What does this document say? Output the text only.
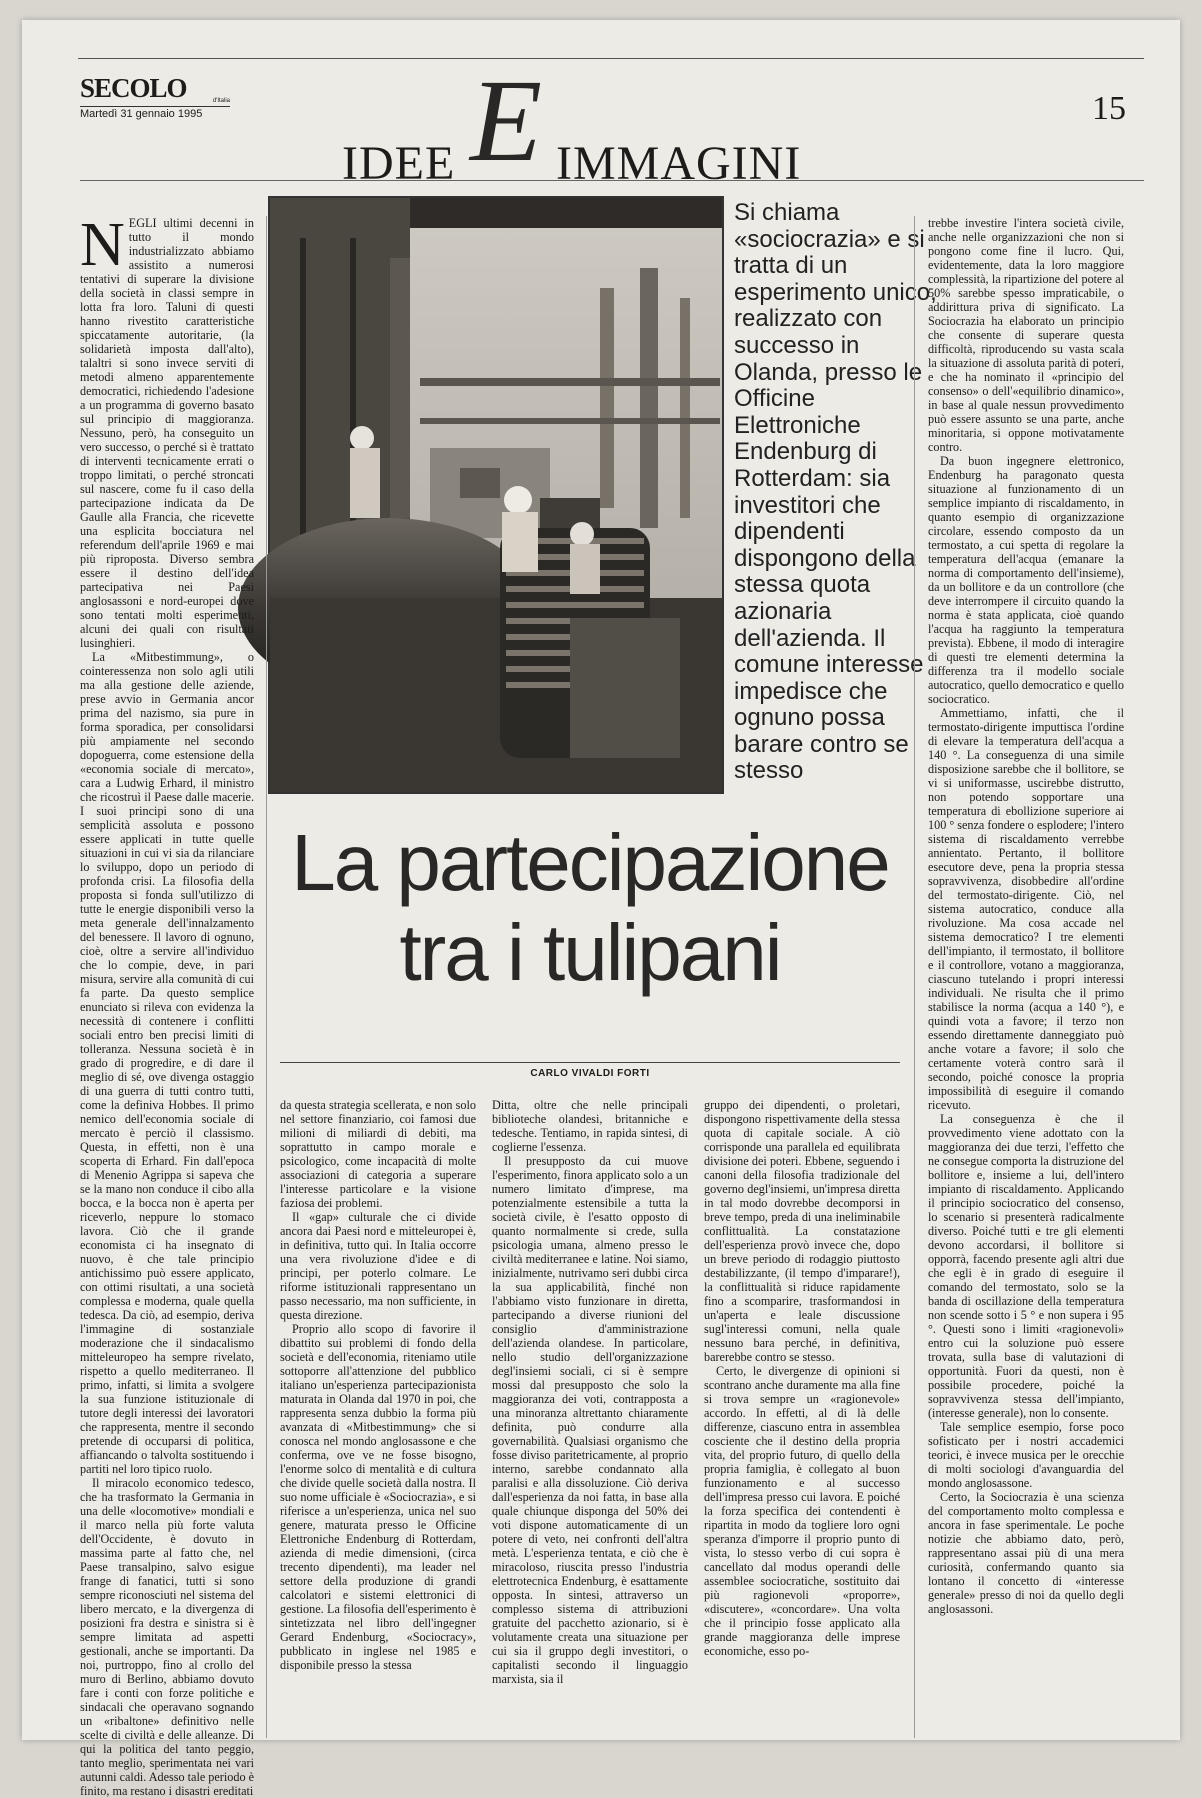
SECOLO	d'Italia
Martedì 31 gennaio 1995
IDEE E IMMAGINI
15
Si chiama «sociocrazia» e si tratta di un esperimento unico, realizzato con successo in Olanda, presso le Officine Elettroniche Endenburg di Rotterdam: sia investitori che dipendenti dispongono della stessa quota azionaria dell'azienda. Il comune interesse impedisce che ognuno possa barare contro se stesso
La partecipazione
tra i tulipani
CARLO VIVALDI FORTI

NEGLI ultimi decenni in tutto il mondo industrializzato abbiamo assistito a numerosi tentativi di superare la divisione della società in classi sempre in lotta fra loro. Taluni di questi hanno rivestito caratteristiche spiccatamente autoritarie, (la solidarietà imposta dall'alto), talaltri si sono invece serviti di metodi almeno apparentemente democratici, richiedendo l'adesione a un programma di governo basato sul principio di maggioranza. Nessuno, però, ha conseguito un vero successo, o perché si è trattato di interventi tecnicamente errati o troppo limitati, o perché stroncati sul nascere, come fu il caso della partecipazione indicata da De Gaulle alla Francia, che ricevette una esplicita bocciatura nel referendum dell'aprile 1969 e mai più riproposta. Diverso sembra essere il destino dell'idea partecipativa nei Paesi anglosassoni e nord-europei dove sono tentati molti esperimenti, alcuni dei quali con risultati lusinghieri.

La «Mitbestimmung», o cointeressenza non solo agli utili ma alla gestione delle aziende, prese avvio in Germania ancor prima del nazismo, sia pure in forma sporadica, per consolidarsi più ampiamente nel secondo dopoguerra, come estensione della «economia sociale di mercato», cara a Ludwig Erhard, il ministro che ricostruì il Paese dalle macerie. I suoi principi sono di una semplicità assoluta e possono essere applicati in tutte quelle situazioni in cui vi sia da rilanciare lo sviluppo, dopo un periodo di profonda crisi. La filosofia della proposta si fonda sull'utilizzo di tutte le energie disponibili verso la meta generale dell'innalzamento del benessere. Il lavoro di ognuno, cioè, oltre a servire all'individuo che lo compie, deve, in pari misura, servire alla comunità di cui fa parte. Da questo semplice enunciato si rileva con evidenza la necessità di contenere i conflitti sociali entro ben precisi limiti di tolleranza. Nessuna società è in grado di progredire, e di dare il meglio di sé, ove divenga ostaggio di una guerra di tutti contro tutti, come la definiva Hobbes. Il primo nemico dell'economia sociale di mercato è perciò il classismo. Questa, in effetti, non è una scoperta di Erhard. Fin dall'epoca di Menenio Agrippa si sapeva che se la mano non conduce il cibo alla bocca, e la bocca non è aperta per riceverlo, neppure lo stomaco lavora. Ciò che il grande economista ci ha insegnato di nuovo, è che tale principio antichissimo può essere applicato, con ottimi risultati, a una società complessa e moderna, quale quella tedesca. Da ciò, ad esempio, deriva l'immagine di sostanziale moderazione che il sindacalismo mitteleuropeo ha sempre rivelato, rispetto a quello mediterraneo. Il primo, infatti, si limita a svolgere la sua funzione istituzionale di tutore degli interessi dei lavoratori che rappresenta, mentre il secondo pretende di occuparsi di politica, affiancando o talvolta sostituendo i partiti nel loro tipico ruolo.

Il miracolo economico tedesco, che ha trasformato la Germania in una delle «locomotive» mondiali e il marco nella più forte valuta dell'Occidente, è dovuto in massima parte al fatto che, nel Paese transalpino, salvo esigue frange di fanatici, tutti si sono sempre riconosciuti nel sistema del libero mercato, e la divergenza di posizioni fra destra e sinistra si è sempre limitata ad aspetti gestionali, anche se importanti. Da noi, purtroppo, fino al crollo del muro di Berlino, abbiamo dovuto fare i conti con forze politiche e sindacali che operavano sognando un «ribaltone» definitivo nelle scelte di civiltà e delle alleanze. Di qui la politica del tanto peggio, tanto meglio, sperimentata nei vari autunni caldi. Adesso tale periodo è finito, ma restano i disastri ereditati

da questa strategia scellerata, e non solo nel settore finanziario, coi famosi due milioni di miliardi di debiti, ma soprattutto in campo morale e psicologico, come incapacità di molte associazioni di categoria a superare l'interesse particolare e la visione faziosa dei problemi.

Il «gap» culturale che ci divide ancora dai Paesi nord e mitteleuropei è, in definitiva, tutto qui. In Italia occorre una vera rivoluzione d'idee e di principi, per poterlo colmare. Le riforme istituzionali rappresentano un passo necessario, ma non sufficiente, in questa direzione.

Proprio allo scopo di favorire il dibattito sui problemi di fondo della società e dell'economia, riteniamo utile sottoporre all'attenzione del pubblico italiano un'esperienza partecipazionista maturata in Olanda dal 1970 in poi, che rappresenta senza dubbio la forma più avanzata di «Mitbestimmung» che si conosca nel mondo anglosassone e che conferma, ove ve ne fosse bisogno, l'enorme solco di mentalità e di cultura che divide quelle società dalla nostra. Il suo nome ufficiale è «Sociocrazia», e si riferisce a un'esperienza, unica nel suo genere, maturata presso le Officine Elettroniche Endenburg di Rotterdam, azienda di medie dimensioni, (circa trecento dipendenti), ma leader nel settore della produzione di grandi calcolatori e sistemi elettronici di gestione. La filosofia dell'esperimento è sintetizzata nel libro dell'ingegner Gerard Endenburg, «Sociocracy», pubblicato in inglese nel 1985 e disponibile presso la stessa

Ditta, oltre che nelle principali biblioteche olandesi, britanniche e tedesche. Tentiamo, in rapida sintesi, di coglierne l'essenza.

Il presupposto da cui muove l'esperimento, finora applicato solo a un numero limitato d'imprese, ma potenzialmente estensibile a tutta la società civile, è l'esatto opposto di quanto normalmente si crede, sulla psicologia umana, almeno presso le civiltà mediterranee e latine. Noi siamo, inizialmente, nutrivamo seri dubbi circa la sua applicabilità, finché non l'abbiamo visto funzionare in diretta, partecipando a diverse riunioni del consiglio d'amministrazione dell'azienda olandese. In particolare, nello studio dell'organizzazione degl'insiemi sociali, ci si è sempre mossi dal presupposto che solo la maggioranza dei voti, contrapposta a una minoranza altrettanto chiaramente definita, può condurre alla governabilità. Qualsiasi organismo che fosse diviso paritetricamente, al proprio interno, sarebbe condannato alla paralisi e alla dissoluzione. Ciò deriva dall'esperienza da noi fatta, in base alla quale chiunque disponga del 50% dei voti dispone automaticamente di un potere di veto, nei confronti dell'altra metà. L'esperienza tentata, e ciò che è miracoloso, riuscita presso l'industria elettrotecnica Endenburg, è esattamente opposta. In sintesi, attraverso un complesso sistema di attribuzioni gratuite del pacchetto azionario, si è volutamente creata una situazione per cui sia il gruppo degli investitori, o capitalisti secondo il linguaggio marxista, sia il

gruppo dei dipendenti, o proletari, dispongono rispettivamente della stessa quota di capitale sociale. A ciò corrisponde una parallela ed equilibrata divisione dei poteri. Ebbene, seguendo i canoni della filosofia tradizionale del governo degl'insiemi, un'impresa diretta in tal modo dovrebbe decomporsi in breve tempo, preda di una ineliminabile conflittualità. La constatazione dell'esperienza provò invece che, dopo un breve periodo di rodaggio piuttosto destabilizzante, (il tempo d'imparare!), la conflittualità si riduce rapidamente fino a scomparire, trasformandosi in un'aperta e leale discussione sugl'interessi comuni, nella quale nessuno bara perché, in definitiva, barerebbe contro se stesso.

Certo, le divergenze di opinioni si scontrano anche duramente ma alla fine si trova sempre un «ragionevole» accordo. In effetti, al di là delle differenze, ciascuno entra in assemblea cosciente che il destino della propria vita, del proprio futuro, di quello della propria famiglia, è collegato al buon funzionamento e al successo dell'impresa presso cui lavora. E poiché la forza specifica dei contendenti è ripartita in modo da togliere loro ogni speranza d'imporre il proprio punto di vista, lo stesso verbo di cui sopra è cancellato dal modus operandi delle assemblee sociocratiche, sostituito dai più ragionevoli «proporre», «discutere», «concordare». Una volta che il principio fosse applicato alla grande maggioranza delle imprese economiche, esso po-

trebbe investire l'intera società civile, anche nelle organizzazioni che non si pongono come fine il lucro. Qui, evidentemente, data la loro maggiore complessità, la ripartizione del potere al 50% sarebbe spesso impraticabile, o addirittura priva di significato. La Sociocrazia ha elaborato un principio che consente di superare questa difficoltà, riproducendo su vasta scala la situazione di assoluta parità di poteri, e che ha nominato il «principio del consenso» o dell'«equilibrio dinamico», in base al quale nessun provvedimento può essere assunto se una parte, anche minoritaria, si oppone motivatamente contro.

Da buon ingegnere elettronico, Endenburg ha paragonato questa situazione al funzionamento di un semplice impianto di riscaldamento, in quanto esempio di organizzazione circolare, essendo composto da un termostato, a cui spetta di regolare la temperatura dell'acqua (emanare la norma di comportamento dell'insieme), da un bollitore e da un controllore (che deve interrompere il circuito quando la norma è stata applicata, cioè quando l'acqua ha raggiunto la temperatura prevista). Ebbene, il modo di interagire di questi tre elementi determina la differenza tra il modello sociale autocratico, quello democratico e quello sociocratico.

Ammettiamo, infatti, che il termostato-dirigente imputtisca l'ordine di elevare la temperatura dell'acqua a 140 °. La conseguenza di una simile disposizione sarebbe che il bollitore, se vi si uniformasse, uscirebbe distrutto, non potendo sopportare una temperatura di ebollizione superiore ai 100 ° senza fondere o esplodere; l'intero sistema di riscaldamento verrebbe annientato. Pertanto, il bollitore esecutore deve, pena la propria stessa sopravvivenza, disobbedire all'ordine del termostato-dirigente. Ciò, nel sistema autocratico, conduce alla rivoluzione. Ma cosa accade nel sistema democratico? I tre elementi dell'impianto, il termostato, il bollitore e il controllore, votano a maggioranza, ciascuno tutelando i propri interessi individuali. Ne risulta che il primo stabilisce la norma (acqua a 140 °), e quindi vota a favore; il terzo non essendo direttamente danneggiato può anche votare a favore; il solo che certamente voterà contro sarà il secondo, poiché conosce la propria impossibilità di eseguire il comando ricevuto.

La conseguenza è che il provvedimento viene adottato con la maggioranza dei due terzi, l'effetto che ne consegue comporta la distruzione del bollitore e, insieme a lui, dell'intero impianto di riscaldamento. Applicando il principio sociocratico del consenso, lo scenario si presenterà radicalmente diverso. Poiché tutti e tre gli elementi devono accordarsi, il bollitore si opporrà, facendo presente agli altri due che egli è in grado di eseguire il comando del termostato, solo se la banda di oscillazione della temperatura non scende sotto i 5 ° e non supera i 95 °. Questi sono i limiti «ragionevoli» entro cui la soluzione può essere trovata, sulla base di valutazioni di opportunità. Fuori da questi, non è possibile procedere, poiché la sopravvivenza stessa dell'impianto, (interesse generale), non lo consente.

Tale semplice esempio, forse poco sofisticato per i nostri accademici teorici, è invece musica per le orecchie di molti sociologi d'avanguardia del mondo anglosassone.

Certo, la Sociocrazia è una scienza del comportamento molto complessa e ancora in fase sperimentale. Le poche notizie che abbiamo dato, però, rappresentano assai più di una mera curiosità, confermando quanto sia lontano il concetto di «interesse generale» presso di noi da quello degli anglosassoni.
